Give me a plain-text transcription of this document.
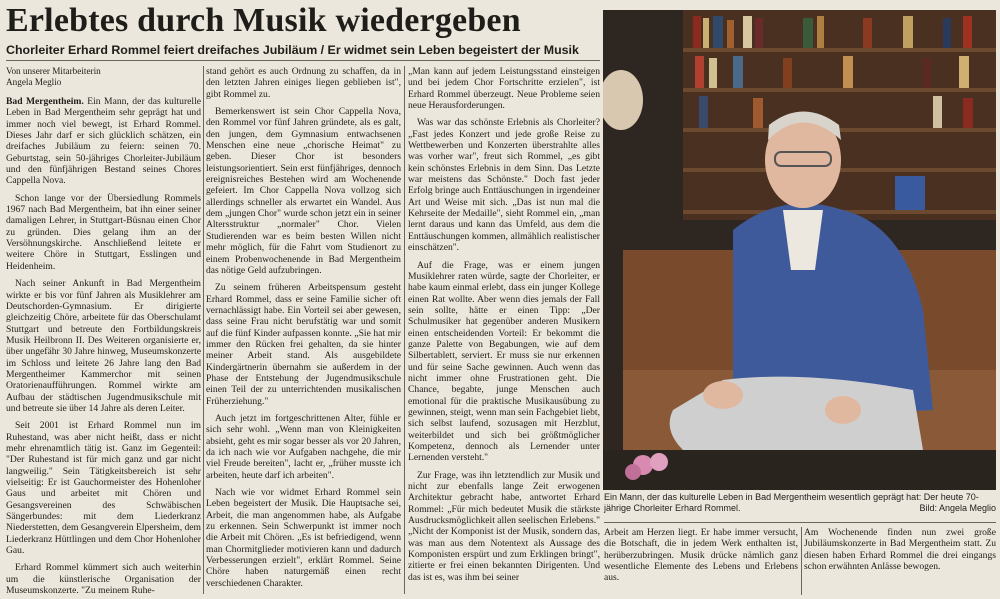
Erlebtes durch Musik wiedergeben
Chorleiter Erhard Rommel feiert dreifaches Jubiläum / Er widmet sein Leben begeistert der Musik

Von unserer Mitarbeiterin
Angela Meglio

Bad Mergentheim. Ein Mann, der das kulturelle Leben in Bad Mergentheim sehr geprägt hat und immer noch viel bewegt, ist Erhard Rommel. Dieses Jahr darf er sich glücklich schätzen, ein dreifaches Jubiläum zu feiern: seinen 70. Geburtstag, sein 50-jähriges Chorleiter-Jubiläum und den fünfjährigen Bestand seines Chores Cappella Nova.

Schon lange vor der Übersiedlung Rommels 1967 nach Bad Mergentheim, bat ihn einer seiner damaligen Lehrer, in Stuttgart-Büsnau einen Chor zu gründen. Dies gelang ihm an der Versöhnungskirche. Anschließend leitete er weitere Chöre in Stuttgart, Esslingen und Heidenheim.

Nach seiner Ankunft in Bad Mergentheim wirkte er bis vor fünf Jahren als Musiklehrer am Deutschorden-Gymnasium. Er dirigierte gleichzeitig Chöre, arbeitete für das Oberschulamt Stuttgart und betreute den Fortbildungskreis Musik Heilbronn II. Des Weiteren organisierte er, über ungefähr 30 Jahre hinweg, Museumskonzerte im Schloss und leitete 26 Jahre lang den Bad Mergentheimer Kammerchor mit seinen Oratorienaufführungen. Rommel wirkte am Aufbau der städtischen Jugendmusikschule mit und betreute sie über 14 Jahre als deren Leiter.

Seit 2001 ist Erhard Rommel nun im Ruhestand, was aber nicht heißt, dass er nicht mehr ehrenamtlich tätig ist. Ganz im Gegenteil: "Der Ruhestand ist für mich ganz und gar nicht langweilig." Sein Tätigkeitsbereich ist sehr vielseitig: Er ist Gauchormeister des Hohenloher Gaus und arbeitet mit Chören und Gesangsvereinen des Schwäbischen Sängerbundes: mit dem Liederkranz Niederstetten, dem Gesangverein Elpersheim, dem Liederkranz Hüttlingen und dem Chor Hohenloher Gau.

Erhard Rommel kümmert sich auch weiterhin um die künstlerische Organisation der Museumskonzerte. "Zu meinem Ruhe-

stand gehört es auch Ordnung zu schaffen, da in den letzten Jahren einiges liegen geblieben ist", gibt Rommel zu.

Bemerkenswert ist sein Chor Cappella Nova, den Rommel vor fünf Jahren gründete, als es galt, den jungen, dem Gymnasium entwachsenen Menschen eine neue „chorische Heimat" zu geben. Dieser Chor ist besonders leistungsorientiert. Sein erst fünfjähriges, dennoch ereignisreiches Bestehen wird am Wochenende gefeiert. Im Chor Cappella Nova vollzog sich allerdings schneller als erwartet ein Wandel. Aus dem „jungen Chor" wurde schon jetzt ein in seiner Altersstruktur „normaler" Chor. Vielen Studierenden war es beim besten Willen nicht mehr möglich, für die Fahrt vom Studienort zu einem Probenwochenende in Bad Mergentheim das nötige Geld aufzubringen.

Zu seinem früheren Arbeitspensum gesteht Erhard Rommel, dass er seine Familie sicher oft vernachlässigt habe. Ein Vorteil sei aber gewesen, dass seine Frau nicht berufstätig war und somit auf die fünf Kinder aufpassen konnte. „Sie hat mir immer den Rücken frei gehalten, da sie hinter meiner Arbeit stand. Als ausgebildete Kindergärtnerin übernahm sie außerdem in der Phase der Entstehung der Jugendmusikschule einen Teil der zu unterrichtenden musikalischen Früherziehung."

Auch jetzt im fortgeschrittenen Alter, fühle er sich sehr wohl. „Wenn man von Kleinigkeiten absieht, geht es mir sogar besser als vor 20 Jahren, da ich nach wie vor Aufgaben nachgehe, die mir viel Freude bereiten", lacht er, „früher musste ich arbeiten, heute darf ich arbeiten".

Nach wie vor widmet Erhard Rommel sein Leben begeistert der Musik. Die Hauptsache sei, Arbeit, die man angenommen habe, als Aufgabe zu erkennen. Sein Schwerpunkt ist immer noch die Arbeit mit Chören. „Es ist befriedigend, wenn man Chormitglieder motivieren kann und dadurch Verbesserungen erzielt", erklärt Rommel. Seine Chöre haben naturgemäß einen recht verschiedenen Charakter.

„Man kann auf jedem Leistungsstand einsteigen und bei jedem Chor Fortschritte erzielen", ist Erhard Rommel überzeugt. Neue Probleme seien neue Herausforderungen.

Was war das schönste Erlebnis als Chorleiter? „Fast jedes Konzert und jede große Reise zu Wettbewerben und Konzerten überstrahlte alles was vorher war", freut sich Rommel, „es gibt kein schönstes Erlebnis in dem Sinn. Das Letzte war meistens das Schönste." Doch fast jeder Erfolg bringe auch Enttäuschungen in irgendeiner Art und Weise mit sich. „Das ist nun mal die Kehrseite der Medaille", sieht Rommel ein, „man lernt daraus und kann das Umfeld, aus dem die Enttäuschungen kommen, allmählich realistischer einschätzen".

Auf die Frage, was er einem jungen Musiklehrer raten würde, sagte der Chorleiter, er habe kaum einmal erlebt, dass ein junger Kollege einen Rat wollte. Aber wenn dies jemals der Fall sein sollte, hätte er einen Tipp: „Der Schulmusiker hat gegenüber anderen Musikern einen entscheidenden Vorteil: Er bekommt die ganze Palette von Begabungen, wie auf dem Silbertablett, serviert. Er muss sie nur erkennen und für seine Sache gewinnen. Auch wenn das nicht immer ohne Frustrationen geht. Die Chance, begabte, junge Menschen auch emotional für die praktische Musikausübung zu gewinnen, steigt, wenn man sein Fachgebiet liebt, sich selbst laufend, sozusagen mit Herzblut, weiterbildet und sich bei größtmöglicher Kompetenz, dennoch als Lernender unter Lernenden versteht."

Zur Frage, was ihn letztendlich zur Musik und nicht zur ebenfalls lange Zeit erwogenen Architektur gebracht habe, antwortet Erhard Rommel: „Für mich bedeutet Musik die stärkste Ausdrucksmöglichkeit allen seelischen Erlebens." „Nicht der Komponist ist der Musik, sondern das, was man aus dem Notentext als Aussage des Komponisten erspürt und zum Erklingen bringt", zitierte er frei einen bekannten Dirigenten. Und das ist es, was ihm bei seiner

Ein Mann, der das kulturelle Leben in Bad Mergentheim wesentlich geprägt hat: Der heute 70-jährige Chorleiter Erhard Rommel.	Bild: Angela Meglio

Arbeit am Herzen liegt. Er habe immer versucht, die Botschaft, die in jedem Werk enthalten ist, herüberzubringen. Musik drücke nämlich ganz wesentliche Elemente des Lebens und Erlebens aus.

Am Wochenende finden nun zwei große Jubiläumskonzerte in Bad Mergentheim statt. Zu diesen haben Erhard Rommel die drei eingangs schon erwähnten Anlässe bewogen.
